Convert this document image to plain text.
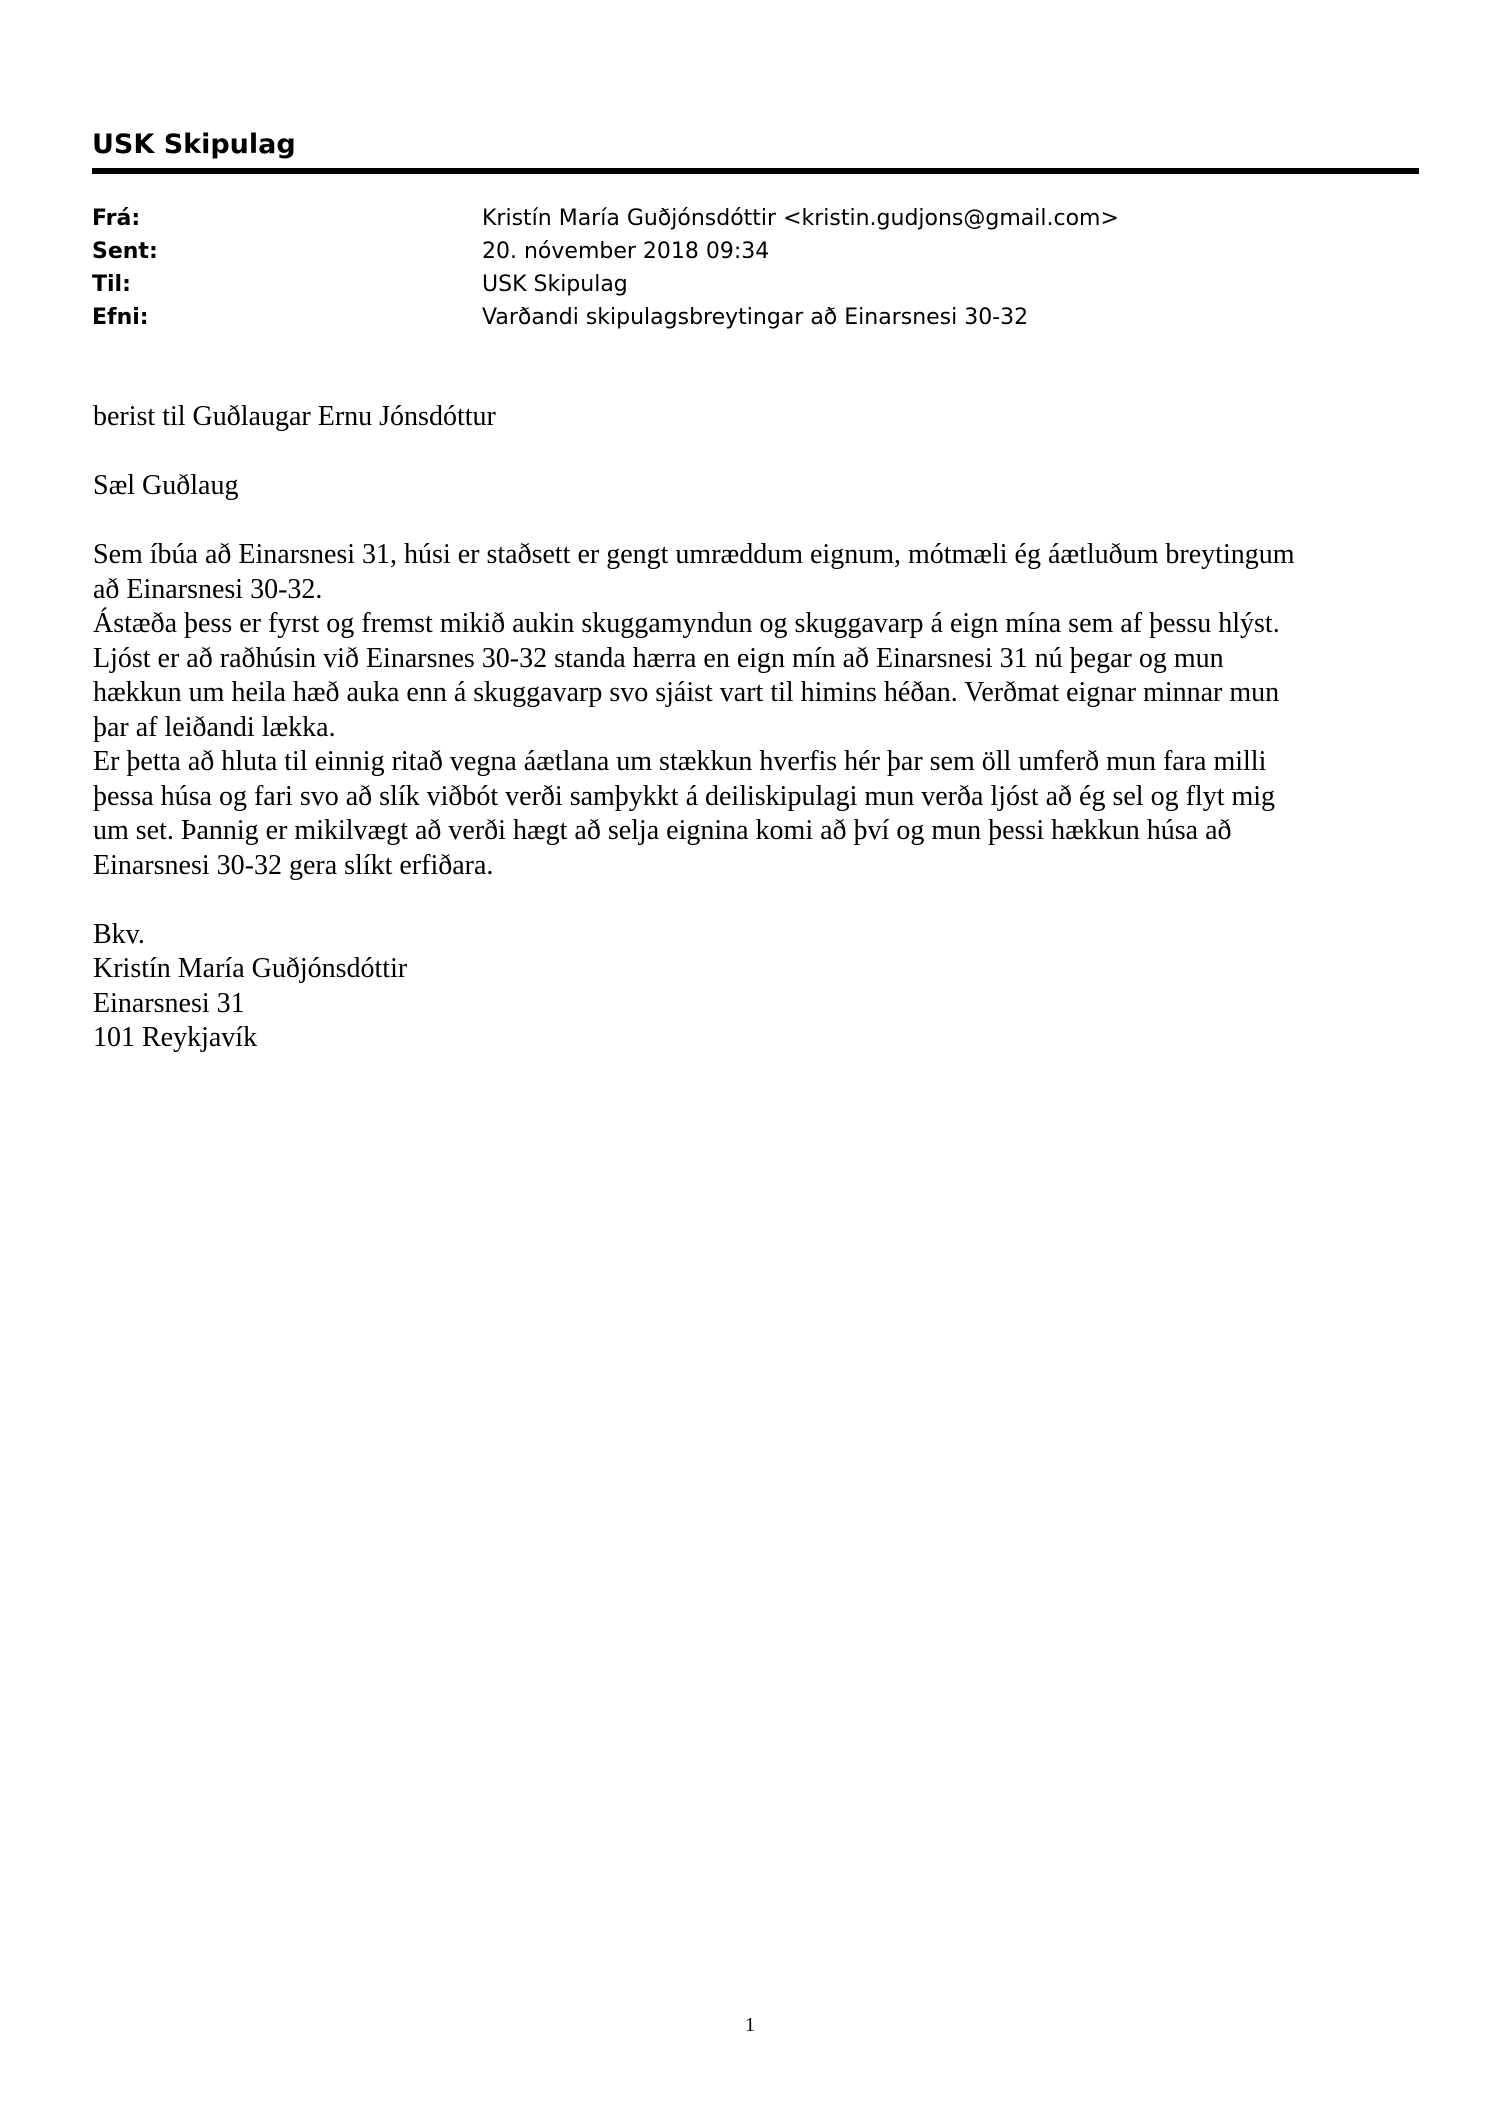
USK Skipulag
Frá:	Kristín María Guðjónsdóttir <kristin.gudjons@gmail.com>
Sent:	20. nóvember 2018 09:34
Til:	USK Skipulag
Efni:	Varðandi skipulagsbreytingar að Einarsnesi 30-32

berist til Guðlaugar Ernu Jónsdóttur

Sæl Guðlaug

Sem íbúa að Einarsnesi 31, húsi er staðsett er gengt umræddum eignum, mótmæli ég áætluðum breytingum

að Einarsnesi 30-32.

Ástæða þess er fyrst og fremst mikið aukin skuggamyndun og skuggavarp á eign mína sem af þessu hlýst.

Ljóst er að raðhúsin við Einarsnes 30-32 standa hærra en eign mín að Einarsnesi 31 nú þegar og mun

hækkun um heila hæð auka enn á skuggavarp svo sjáist vart til himins héðan. Verðmat eignar minnar mun

þar af leiðandi lækka.

Er þetta að hluta til einnig ritað vegna áætlana um stækkun hverfis hér þar sem öll umferð mun fara milli

þessa húsa og fari svo að slík viðbót verði samþykkt á deiliskipulagi mun verða ljóst að ég sel og flyt mig

um set. Þannig er mikilvægt að verði hægt að selja eignina komi að því og mun þessi hækkun húsa að

Einarsnesi 30-32 gera slíkt erfiðara.

Bkv.

Kristín María Guðjónsdóttir

Einarsnesi 31

101 Reykjavík

1
